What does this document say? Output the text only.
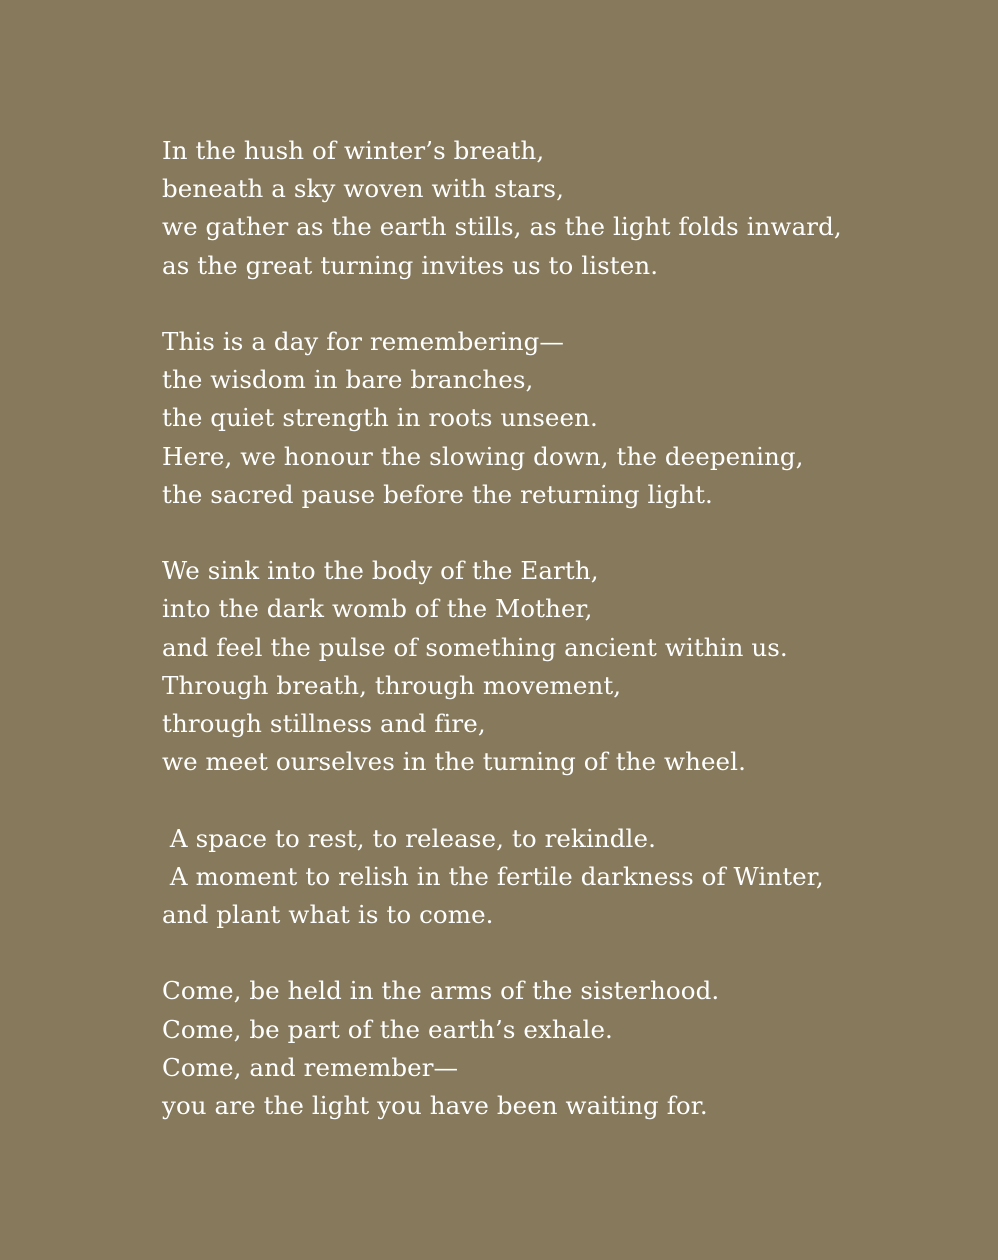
In the hush of winter’s breath,
beneath a sky woven with stars,
we gather as the earth stills, as the light folds inward,
as the great turning invites us to listen.
This is a day for remembering—
the wisdom in bare branches,
the quiet strength in roots unseen.
Here, we honour the slowing down, the deepening,
the sacred pause before the returning light.
We sink into the body of the Earth,
into the dark womb of the Mother,
and feel the pulse of something ancient within us.
Through breath, through movement,
through stillness and fire,
we meet ourselves in the turning of the wheel.
A space to rest, to release, to rekindle.
A moment to relish in the fertile darkness of Winter,
and plant what is to come.
Come, be held in the arms of the sisterhood.
Come, be part of the earth’s exhale.
Come, and remember—
you are the light you have been waiting for.
